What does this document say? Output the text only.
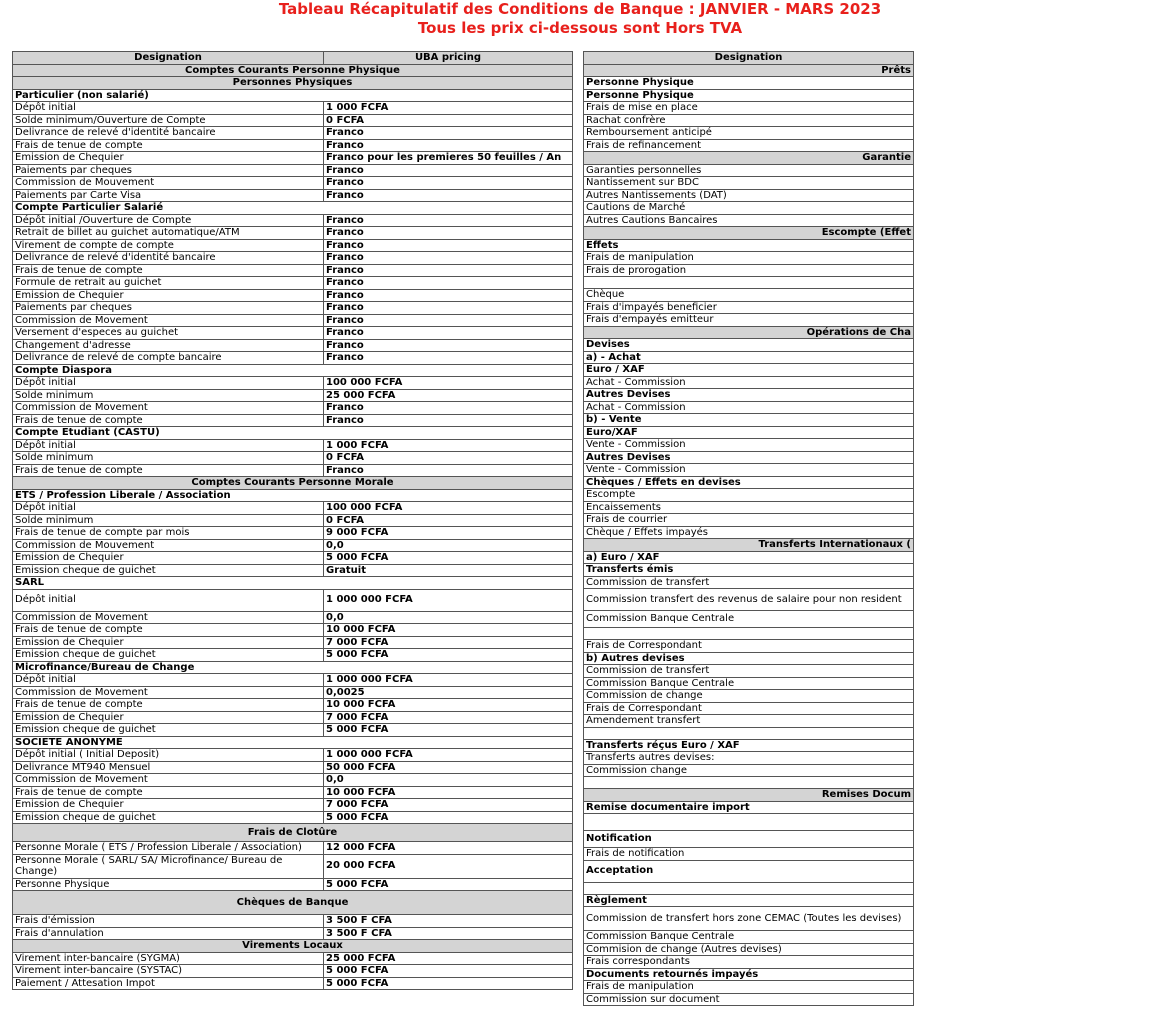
Tableau Récapitulatif des Conditions de Banque : JANVIER - MARS 2023
Tous les prix ci-dessous sont Hors TVA
Designation	UBA pricing
Comptes Courants Personne Physique	
Personnes Physiques	
Particulier (non salarié)	
Dépôt initial	1 000 FCFA
Solde minimum/Ouverture de Compte	0 FCFA
Delivrance de relevé d'identité bancaire	Franco
Frais de tenue de compte	Franco
Emission de Chequier	Franco pour les premieres 50 feuilles / An
Paiements par cheques	Franco
Commission de Mouvement	Franco
Paiements par Carte Visa	Franco
Compte Particulier Salarié	
Dépôt initial /Ouverture de Compte	Franco
Retrait de billet au guichet automatique/ATM	Franco
Virement de compte de compte	Franco
Delivrance de relevé d'identité bancaire	Franco
Frais de tenue de compte	Franco
Formule de retrait au guichet	Franco
Emission de Chequier	Franco
Paiements par cheques	Franco
Commission de Movement	Franco
Versement d'especes au guichet	Franco
Changement d'adresse	Franco
Delivrance de relevé de compte bancaire	Franco
Compte Diaspora	
Dépôt initial	100 000 FCFA
Solde minimum	25 000 FCFA
Commission de Movement	Franco
Frais de tenue de compte	Franco
Compte Etudiant (CASTU)	
Dépôt initial	1 000 FCFA
Solde minimum	0 FCFA
Frais de tenue de compte	Franco
Comptes Courants Personne Morale	
ETS / Profession Liberale / Association	
Dépôt initial	100 000 FCFA
Solde minimum	0 FCFA
Frais de tenue de compte par mois	9 000 FCFA
Commission de Mouvement	0,0
Emission de Chequier	5 000 FCFA
Emission cheque de guichet	Gratuit
SARL	
Dépôt initial	1 000 000 FCFA
Commission de Movement	0,0
Frais de tenue de compte	10 000 FCFA
Emission de Chequier	7 000 FCFA
Emission cheque de guichet	5 000 FCFA
Microfinance/Bureau de Change	
Dépôt initial	1 000 000 FCFA
Commission de Movement	0,0025
Frais de tenue de compte	10 000 FCFA
Emission de Chequier	7 000 FCFA
Emission cheque de guichet	5 000 FCFA
SOCIETE ANONYME	
Dépôt initial ( Initial Deposit)	1 000 000 FCFA
Delivrance MT940 Mensuel	50 000 FCFA
Commission de Movement	0,0
Frais de tenue de compte	10 000 FCFA
Emission de Chequier	7 000 FCFA
Emission cheque de guichet	5 000 FCFA
Frais de Clotûre	
Personne Morale ( ETS / Profession Liberale / Association)	12 000 FCFA
Personne Morale ( SARL/ SA/ Microfinance/ Bureau de Change)	20 000 FCFA
Personne Physique	5 000 FCFA
Chèques de Banque	
Frais d'émission	3 500 F CFA
Frais d'annulation	3 500 F CFA
Virements Locaux	
Virement inter-bancaire (SYGMA)	25 000 FCFA
Virement inter-bancaire (SYSTAC)	5 000 FCFA
Paiement / Attesation Impot	5 000 FCFA
Designation
Prêts
Personne Physique
Personne Physique
Frais de mise en place
Rachat confrère
Remboursement anticipé
Frais de refinancement
Garantie
Garanties personnelles
Nantissement sur BDC
Autres Nantissements (DAT)
Cautions de Marché
Autres Cautions Bancaires
Escompte (Effet
Effets
Frais de manipulation
Frais de prorogation

Chèque
Frais d'impayés beneficier
Frais d'empayés emitteur
Opérations de Cha
Devises
a) - Achat
Euro / XAF
Achat - Commission
Autres Devises
Achat - Commission
b) - Vente
Euro/XAF
Vente - Commission
Autres Devises
Vente - Commission
Chèques / Effets en devises
Escompte
Encaissements
Frais de courrier
Chèque / Effets impayés
Transferts Internationaux (
a) Euro / XAF
Transferts émis
Commission de transfert
Commission transfert des revenus de salaire pour non resident
Commission Banque Centrale

Frais de Correspondant
b) Autres devises
Commission de transfert
Commission Banque Centrale
Commission de change
Frais de Correspondant
Amendement transfert

Transferts réçus Euro / XAF
Transferts autres devises:
Commission change

Remises Docum
Remise documentaire import

Notification
Frais de notification
Acceptation

Règlement
Commission de transfert hors zone CEMAC (Toutes les devises)
Commission Banque Centrale
Commision de change (Autres devises)
Frais correspondants
Documents retournés impayés
Frais de manipulation
Commission sur document
